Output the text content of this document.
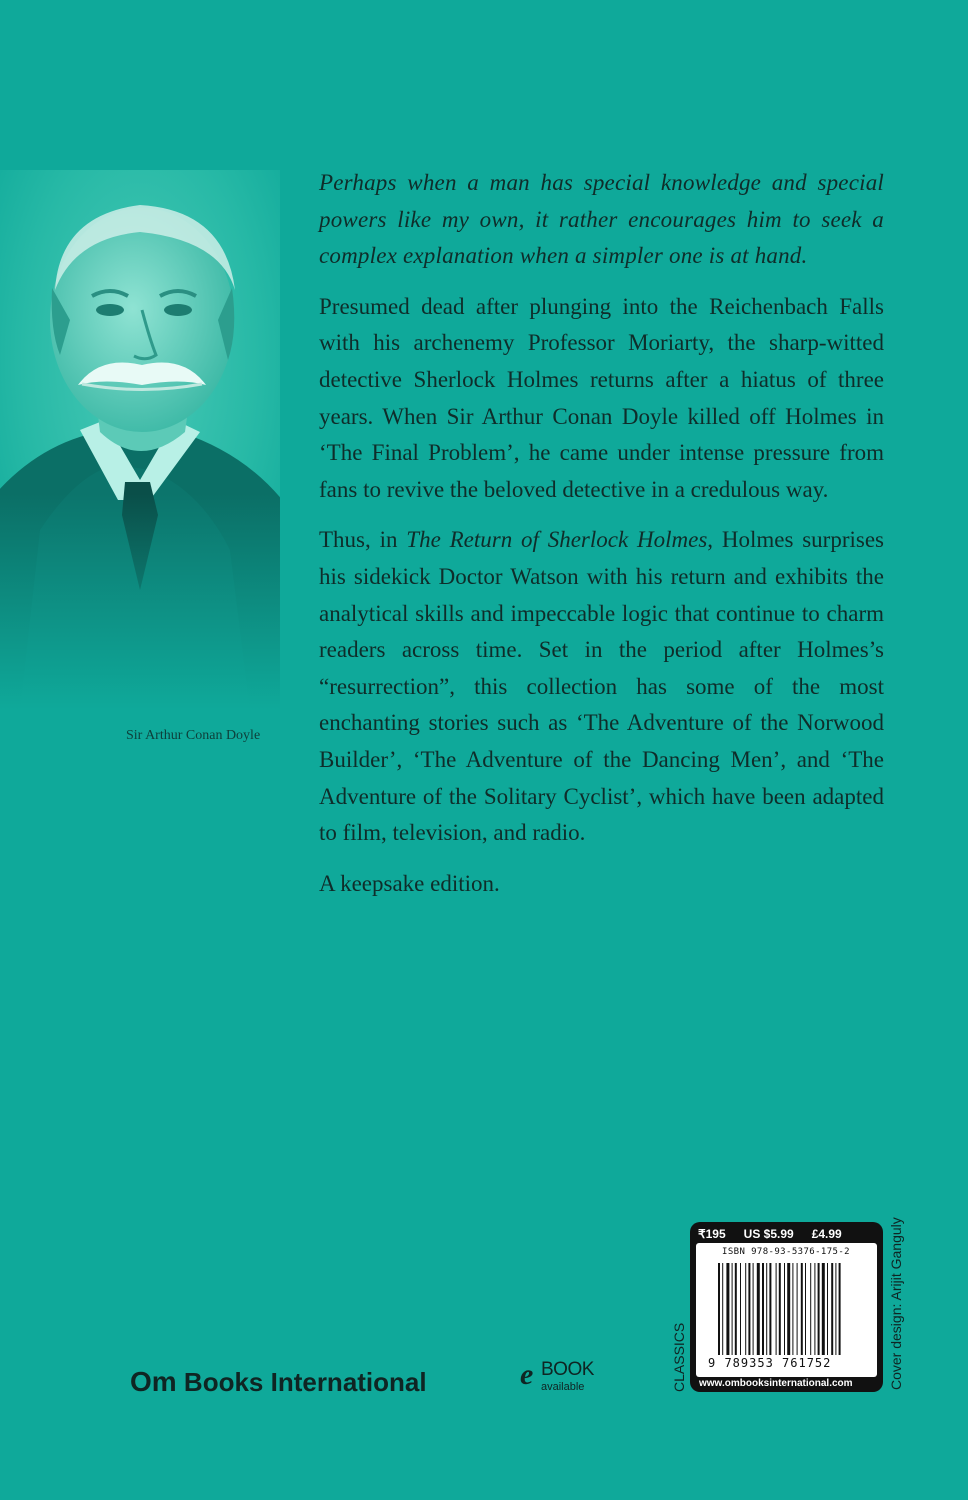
Sir Arthur Conan Doyle

Perhaps when a man has special knowledge and special powers like my own, it rather encourages him to seek a complex explanation when a simpler one is at hand.

Presumed dead after plunging into the Reichenbach Falls with his archenemy Professor Moriarty, the sharp-witted detective Sherlock Holmes returns after a hiatus of three years. When Sir Arthur Conan Doyle killed off Holmes in ‘The Final Problem’, he came under intense pressure from fans to revive the beloved detective in a credulous way.

Thus, in The Return of Sherlock Holmes, Holmes surprises his sidekick Doctor Watson with his return and exhibits the analytical skills and impeccable logic that continue to charm readers across time. Set in the period after Holmes’s “resurrection”, this collection has some of the most enchanting stories such as ‘The Adventure of the Norwood Builder’, ‘The Adventure of the Dancing Men’, and ‘The Adventure of the Solitary Cyclist’, which have been adapted to film, television, and radio.

A keepsake edition.

Om Books International	e BOOK
available	CLASSICS
₹195 US $5.99 £4.99
ISBN 978-93-5376-175-2
9 789353 761752
www.ombooksinternational.com	Cover design: Arijit Ganguly
